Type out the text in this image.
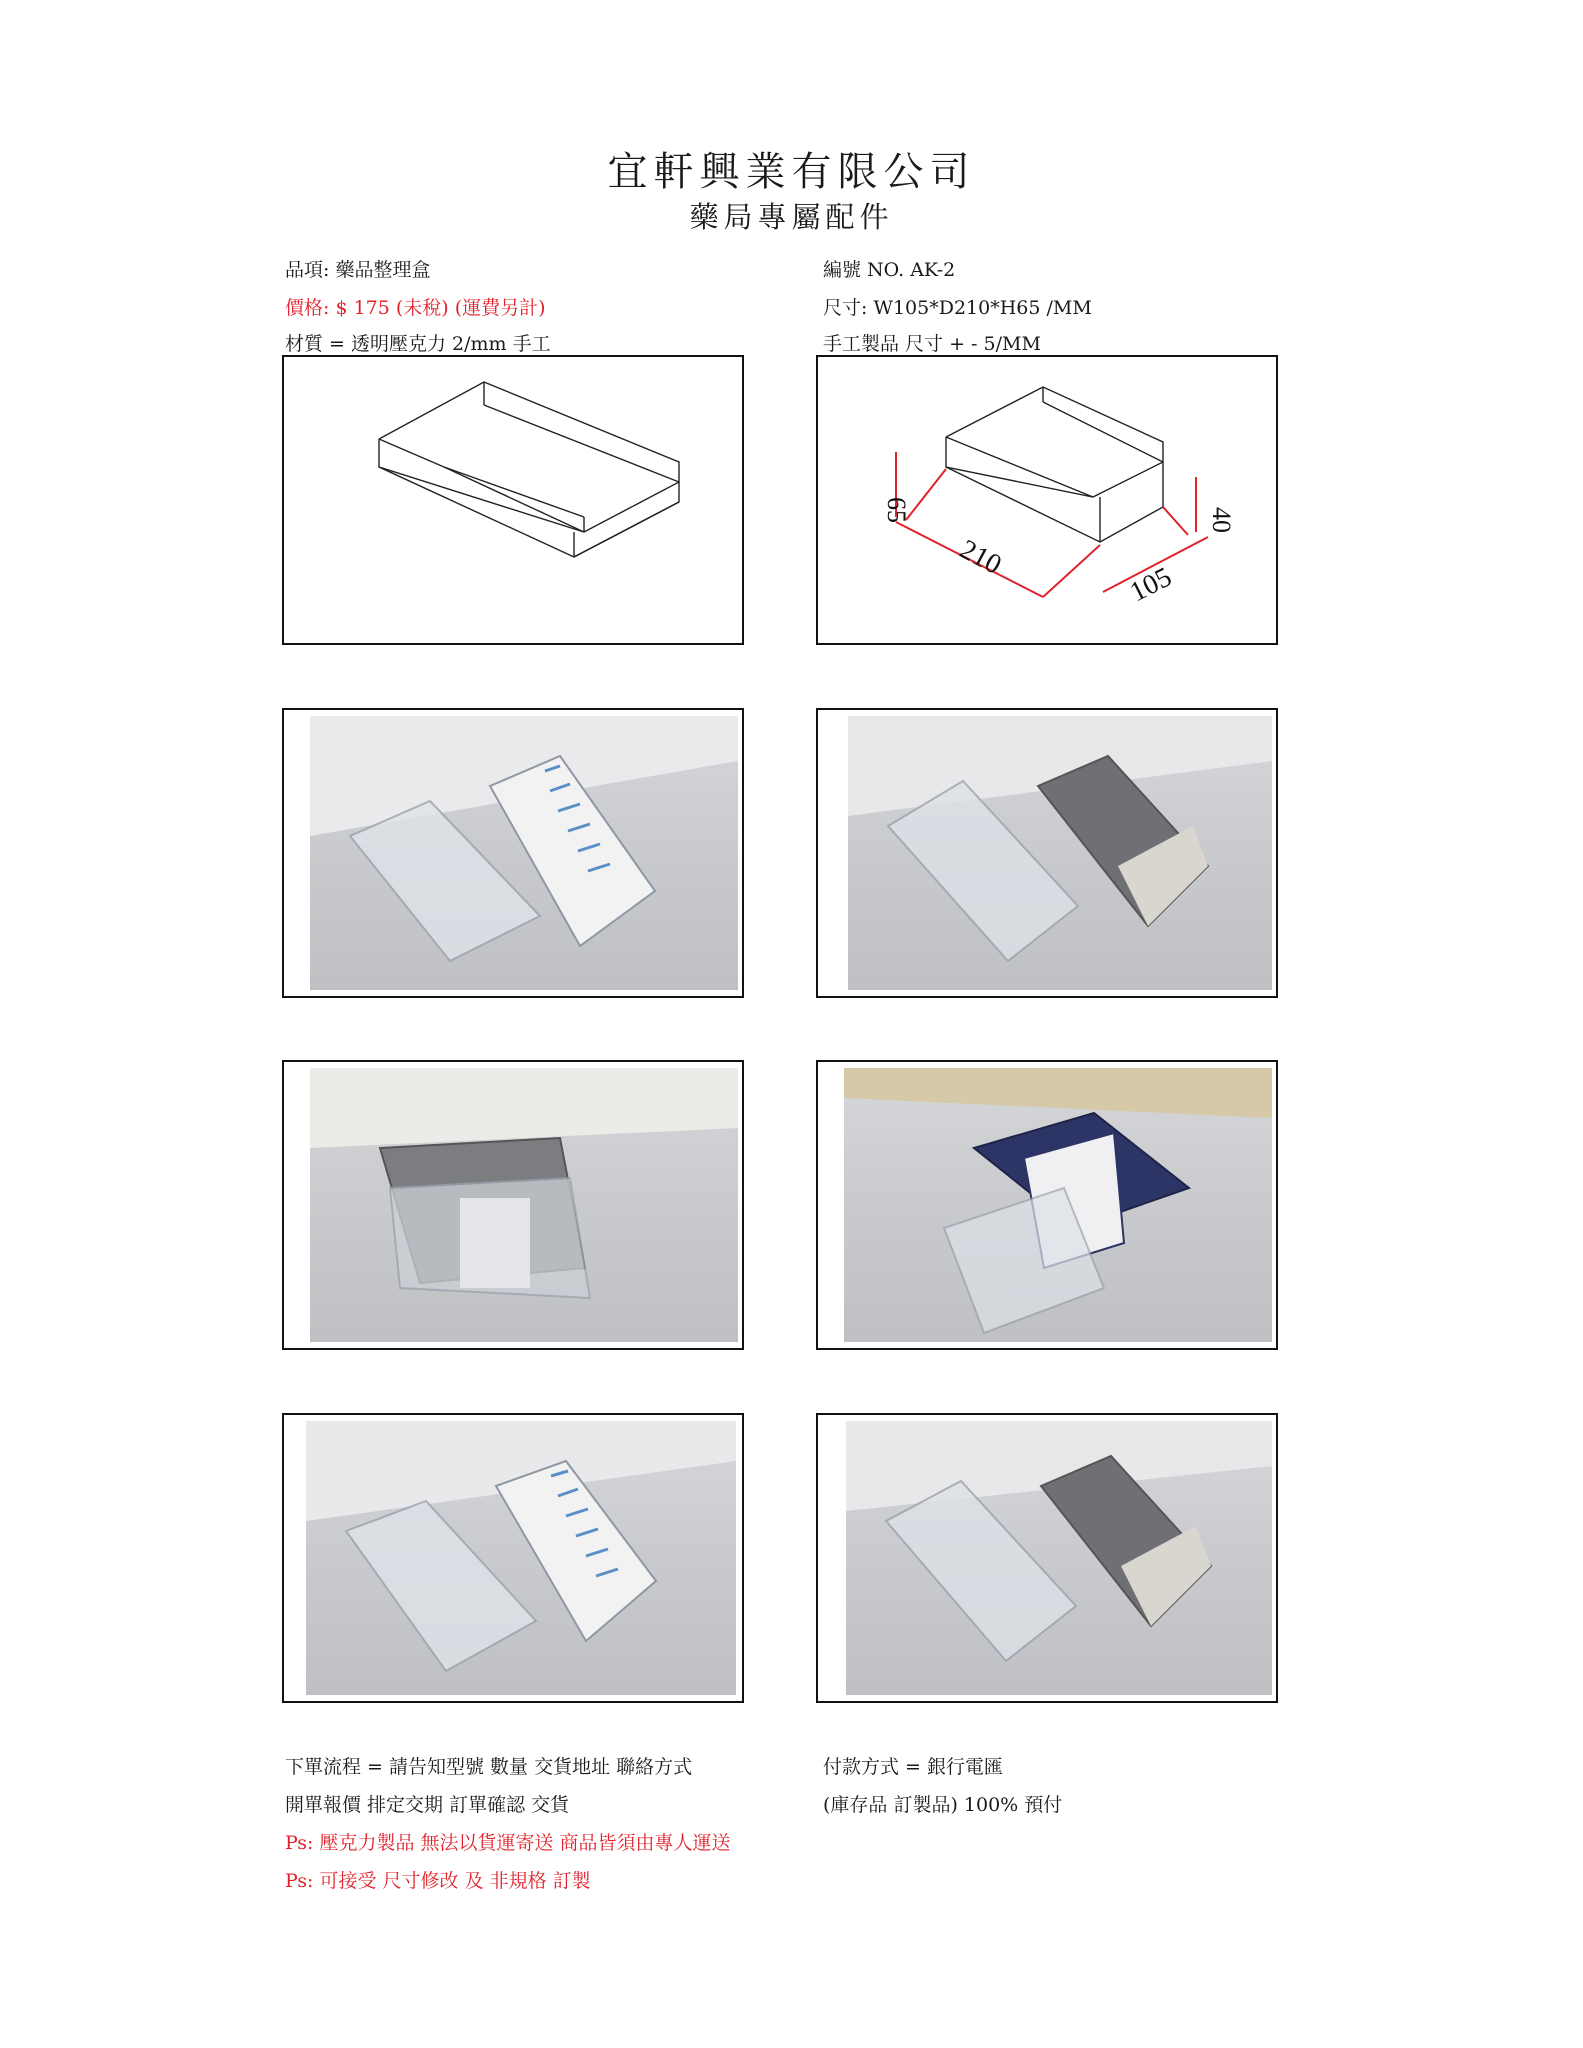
宜軒興業有限公司
藥局專屬配件
品項: 藥品整理盒
價格: $ 175 (未稅) (運費另計)
材質 = 透明壓克力 2/mm 手工
編號 NO. AK-2
尺寸: W105*D210*H65 /MM
手工製品 尺寸 + - 5/MM
65	40
210
105
下單流程 = 請告知型號 數量 交貨地址 聯絡方式
開單報價 排定交期 訂單確認 交貨
Ps: 壓克力製品 無法以貨運寄送 商品皆須由專人運送
Ps: 可接受 尺寸修改 及 非規格 訂製
付款方式 = 銀行電匯
(庫存品 訂製品) 100% 預付
